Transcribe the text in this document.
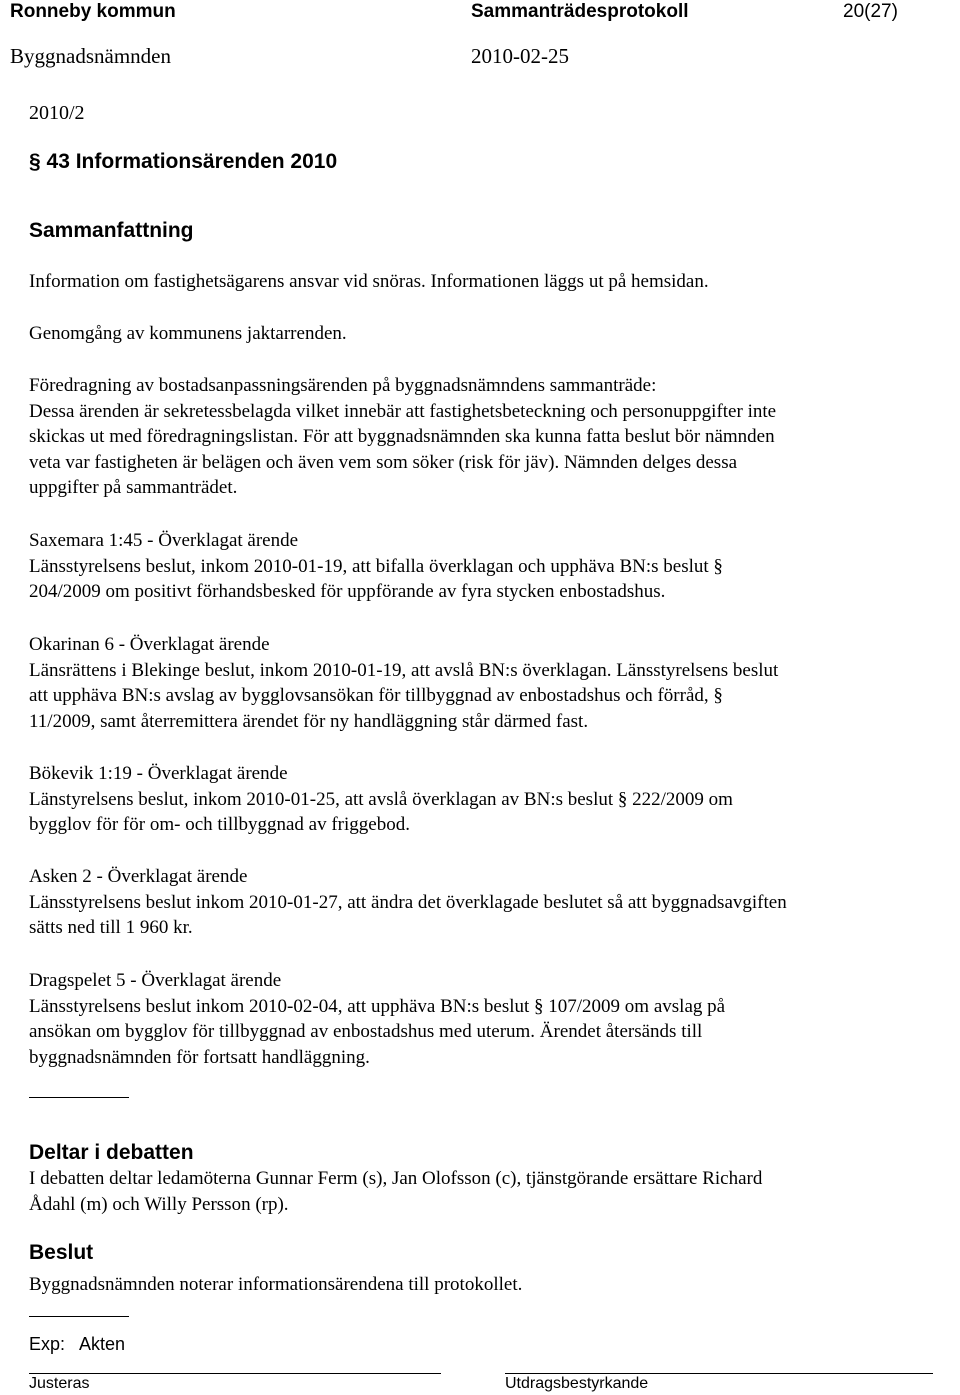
Ronneby kommun	Sammanträdesprotokoll	20(27)
Byggnadsnämnden	2010-02-25
2010/2
§ 43 Informationsärenden 2010
Sammanfattning
Information om fastighetsägarens ansvar vid snöras. Informationen läggs ut på hemsidan.
Genomgång av kommunens jaktarrenden.
Föredragning av bostadsanpassningsärenden på byggnadsnämndens sammanträde:
Dessa ärenden är sekretessbelagda vilket innebär att fastighetsbeteckning och personuppgifter inte
skickas ut med föredragningslistan. För att byggnadsnämnden ska kunna fatta beslut bör nämnden
veta var fastigheten är belägen och även vem som söker (risk för jäv). Nämnden delges dessa
uppgifter på sammanträdet.
Saxemara 1:45 - Överklagat ärende
Länsstyrelsens beslut, inkom 2010-01-19, att bifalla överklagan och upphäva BN:s beslut §
204/2009 om positivt förhandsbesked för uppförande av fyra stycken enbostadshus.
Okarinan 6 - Överklagat ärende
Länsrättens i Blekinge beslut, inkom 2010-01-19, att avslå BN:s överklagan. Länsstyrelsens beslut
att upphäva BN:s avslag av bygglovsansökan för tillbyggnad av enbostadshus och förråd, §
11/2009, samt återremittera ärendet för ny handläggning står därmed fast.
Bökevik 1:19 - Överklagat ärende
Länstyrelsens beslut, inkom 2010-01-25, att avslå överklagan av BN:s beslut § 222/2009 om
bygglov för för om- och tillbyggnad av friggebod.
Asken 2 - Överklagat ärende
Länsstyrelsens beslut inkom 2010-01-27, att ändra det överklagade beslutet så att byggnadsavgiften
sätts ned till 1 960 kr.
Dragspelet 5 - Överklagat ärende
Länsstyrelsens beslut inkom 2010-02-04, att upphäva BN:s beslut § 107/2009 om avslag på
ansökan om bygglov för tillbyggnad av enbostadshus med uterum. Ärendet återsänds till
byggnadsnämnden för fortsatt handläggning.
Deltar i debatten
I debatten deltar ledamöterna Gunnar Ferm (s), Jan Olofsson (c), tjänstgörande ersättare Richard
Ådahl (m) och Willy Persson (rp).
Beslut
Byggnadsnämnden noterar informationsärendena till protokollet.
Exp: Akten
Justeras	Utdragsbestyrkande
